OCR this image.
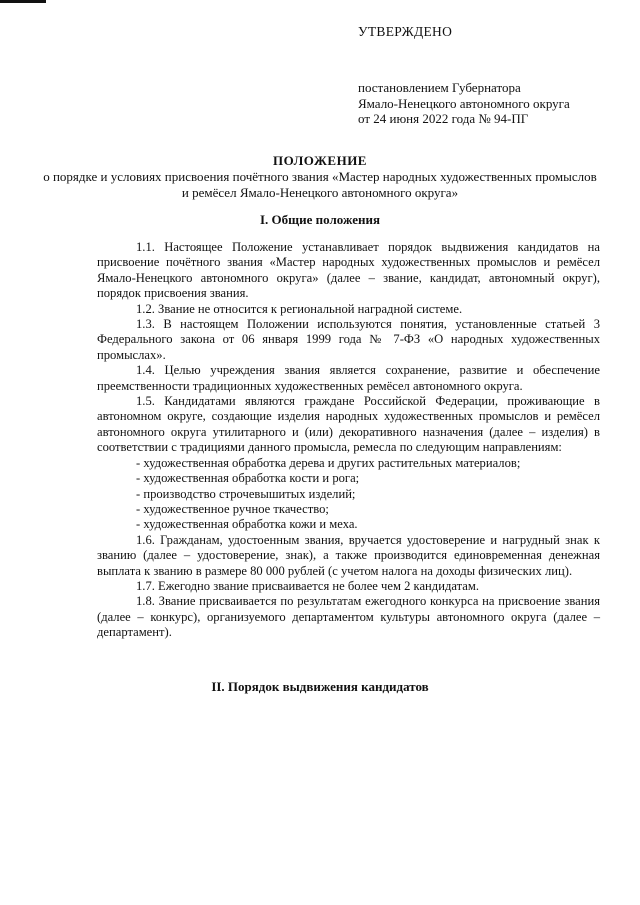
УТВЕРЖДЕНО
постановлением Губернатора
Ямало-Ненецкого автономного округа
от 24 июня 2022 года № 94-ПГ
ПОЛОЖЕНИЕ
о порядке и условиях присвоения почётного звания «Мастер народных художественных промыслов и ремёсел Ямало-Ненецкого автономного округа»
I. Общие положения

1.1. Настоящее Положение устанавливает порядок выдвижения кандидатов на присвоение почётного звания «Мастер народных художественных промыслов и ремёсел Ямало-Ненецкого автономного округа» (далее – звание, кандидат, автономный округ), порядок присвоения звания.

1.2. Звание не относится к региональной наградной системе.

1.3. В настоящем Положении используются понятия, установленные статьей 3 Федерального закона от 06 января 1999 года № 7-ФЗ «О народных художественных промыслах».

1.4. Целью учреждения звания является сохранение, развитие и обеспечение преемственности традиционных художественных ремёсел автономного округа.

1.5. Кандидатами являются граждане Российской Федерации, проживающие в автономном округе, создающие изделия народных художественных промыслов и ремёсел автономного округа утилитарного и (или) декоративного назначения (далее – изделия) в соответствии с традициями данного промысла, ремесла по следующим направлениям:

- художественная обработка дерева и других растительных материалов;

- художественная обработка кости и рога;

- производство строчевышитых изделий;

- художественное ручное ткачество;

- художественная обработка кожи и меха.

1.6. Гражданам, удостоенным звания, вручается удостоверение и нагрудный знак к званию (далее – удостоверение, знак), а также производится единовременная денежная выплата к званию в размере 80 000 рублей (с учетом налога на доходы физических лиц).

1.7. Ежегодно звание присваивается не более чем 2 кандидатам.

1.8. Звание присваивается по результатам ежегодного конкурса на присвоение звания (далее – конкурс), организуемого департаментом культуры автономного округа (далее – департамент).

II. Порядок выдвижения кандидатов
